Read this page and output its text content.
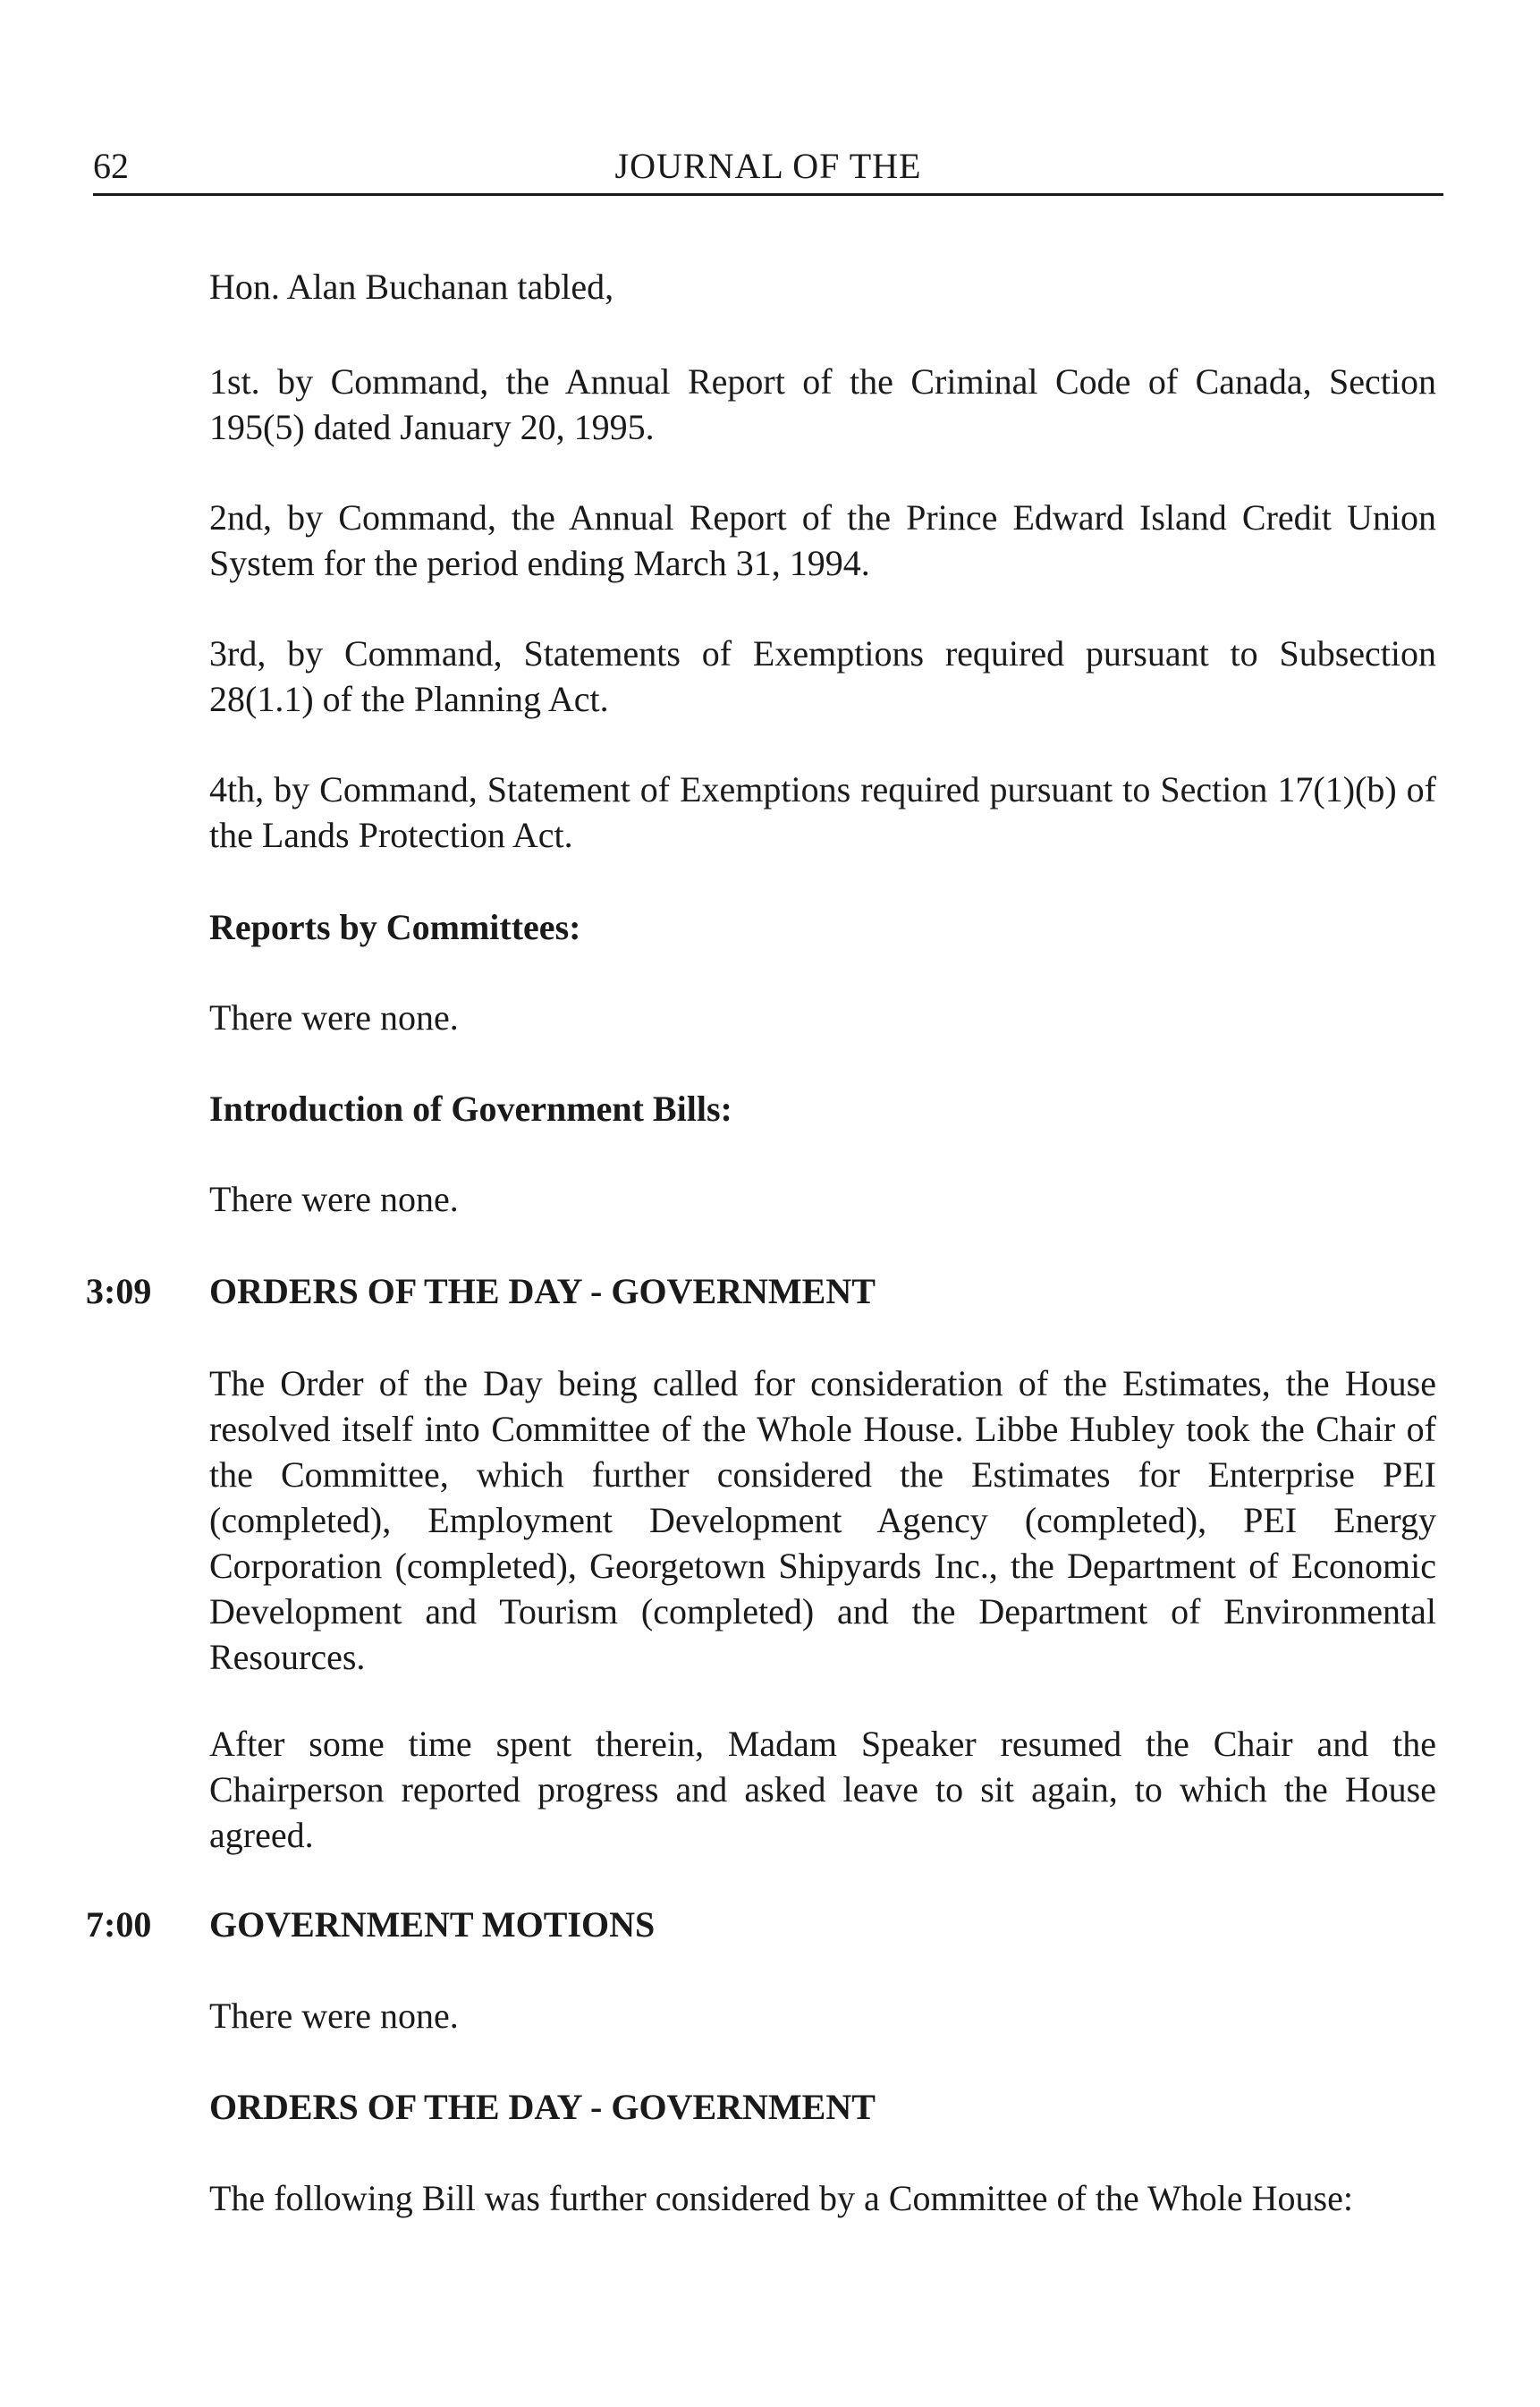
62	JOURNAL OF THE

Hon. Alan Buchanan tabled,

1st. by Command, the Annual Report of the Criminal Code of Canada, Section 195(5) dated January 20, 1995.

2nd, by Command, the Annual Report of the Prince Edward Island Credit Union System for the period ending March 31, 1994.

3rd, by Command, Statements of Exemptions required pursuant to Subsection 28(1.1) of the Planning Act.

4th, by Command, Statement of Exemptions required pursuant to Section 17(1)(b) of the Lands Protection Act.

Reports by Committees:

There were none.

Introduction of Government Bills:

There were none.

3:09 ORDERS OF THE DAY - GOVERNMENT

The Order of the Day being called for consideration of the Estimates, the House resolved itself into Committee of the Whole House. Libbe Hubley took the Chair of the Committee, which further considered the Estimates for Enterprise PEI (completed), Employment Development Agency (completed), PEI Energy Corporation (completed), Georgetown Shipyards Inc., the Department of Economic Development and Tourism (completed) and the Department of Environmental Resources.

After some time spent therein, Madam Speaker resumed the Chair and the Chairperson reported progress and asked leave to sit again, to which the House agreed.

7:00 GOVERNMENT MOTIONS

There were none.

ORDERS OF THE DAY - GOVERNMENT

The following Bill was further considered by a Committee of the Whole House:
